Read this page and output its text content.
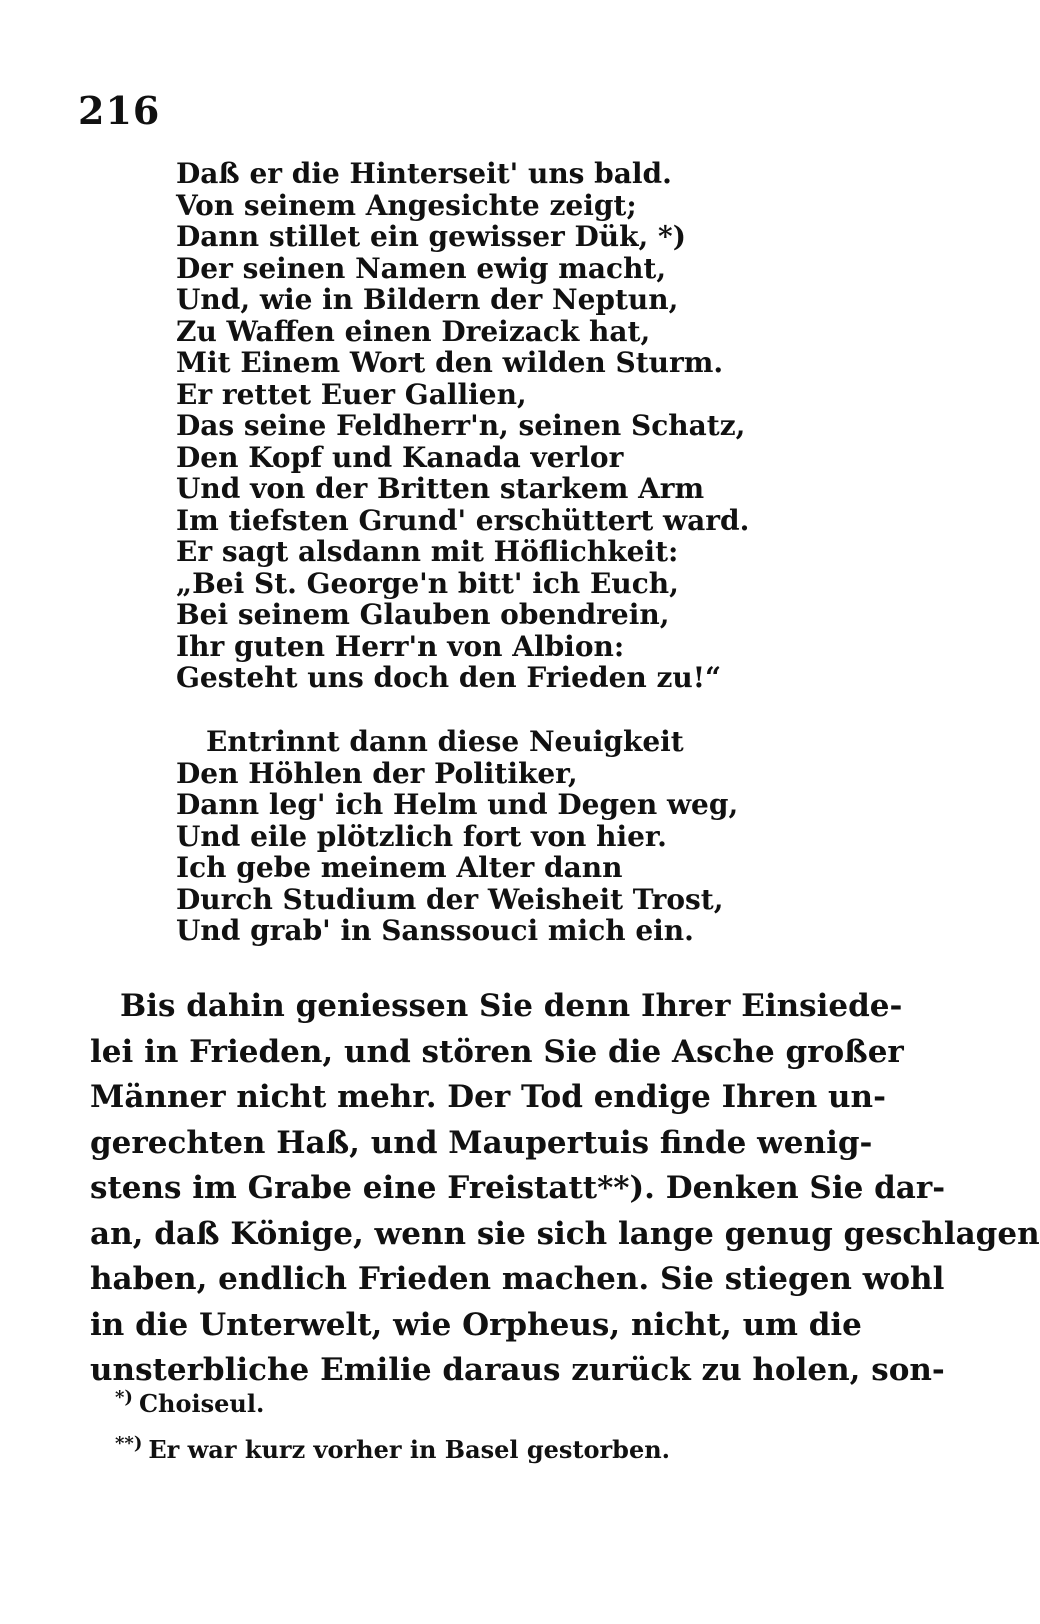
216
Daß er die Hinterseit' uns bald.
Von seinem Angesichte zeigt;
Dann stillet ein gewisser Dük, *)
Der seinen Namen ewig macht,
Und, wie in Bildern der Neptun,
Zu Waffen einen Dreizack hat,
Mit Einem Wort den wilden Sturm.
Er rettet Euer Gallien,
Das seine Feldherr'n, seinen Schatz,
Den Kopf und Kanada verlor
Und von der Britten starkem Arm
Im tiefsten Grund' erschüttert ward.
Er sagt alsdann mit Höflichkeit:
„Bei St. George'n bitt' ich Euch,
Bei seinem Glauben obendrein,
Ihr guten Herr'n von Albion:
Gesteht uns doch den Frieden zu!“
Entrinnt dann diese Neuigkeit
Den Höhlen der Politiker,
Dann leg' ich Helm und Degen weg,
Und eile plötzlich fort von hier.
Ich gebe meinem Alter dann
Durch Studium der Weisheit Trost,
Und grab' in Sanssouci mich ein.
Bis dahin geniessen Sie denn Ihrer Einsiede-
lei in Frieden, und stören Sie die Asche großer
Männer nicht mehr. Der Tod endige Ihren un-
gerechten Haß, und Maupertuis finde wenig-
stens im Grabe eine Freistatt**). Denken Sie dar-
an, daß Könige, wenn sie sich lange genug geschlagen
haben, endlich Frieden machen. Sie stiegen wohl
in die Unterwelt, wie Orpheus, nicht, um die
unsterbliche Emilie daraus zurück zu holen, son-
*) Choiseul.
**) Er war kurz vorher in Basel gestorben.
